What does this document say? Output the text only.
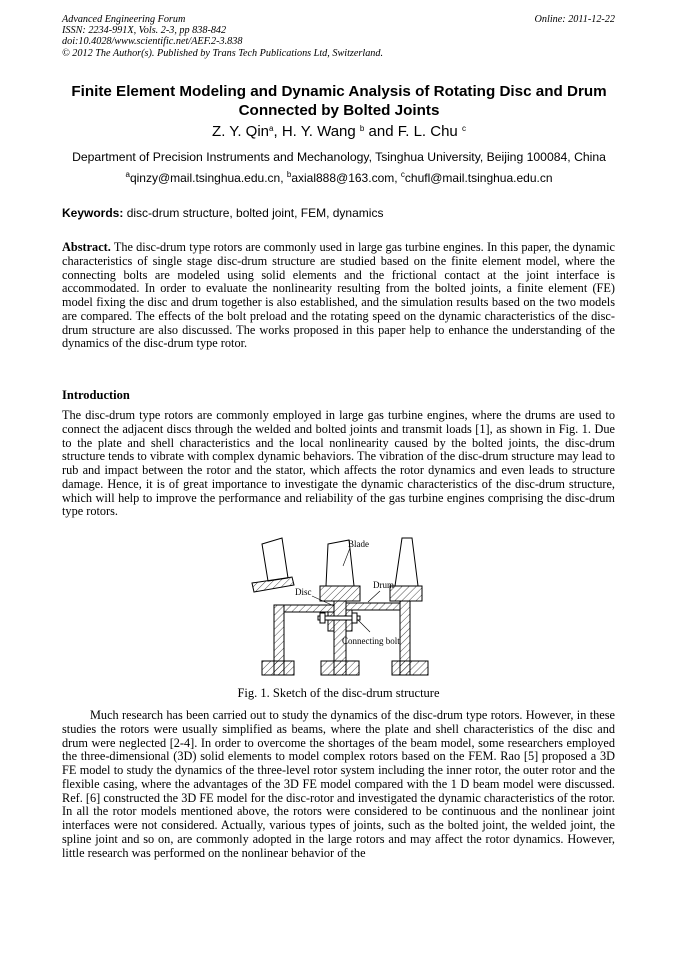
Advanced Engineering Forum
ISSN: 2234-991X, Vols. 2-3, pp 838-842
doi:10.4028/www.scientific.net/AEF.2-3.838
© 2012 The Author(s). Published by Trans Tech Publications Ltd, Switzerland.
Online: 2011-12-22
Finite Element Modeling and Dynamic Analysis of Rotating Disc and Drum Connected by Bolted Joints
Z. Y. Qin$^a$, H. Y. Wang $^b$ and F. L. Chu $^c$
Department of Precision Instruments and Mechanology, Tsinghua University, Beijing 100084, China
$^a$qinzy@mail.tsinghua.edu.cn, $^b$axial888@163.com, $^c$chufl@mail.tsinghua.edu.cn
Keywords: disc-drum structure, bolted joint, FEM, dynamics
Abstract. The disc-drum type rotors are commonly used in large gas turbine engines. In this paper, the dynamic characteristics of single stage disc-drum structure are studied based on the finite element model, where the connecting bolts are modeled using solid elements and the frictional contact at the joint interface is accommodated. In order to evaluate the nonlinearity resulting from the bolted joints, a finite element (FE) model fixing the disc and drum together is also established, and the simulation results based on the two models are compared. The effects of the bolt preload and the rotating speed on the dynamic characteristics of the disc-drum structure are also discussed. The works proposed in this paper help to enhance the understanding of the dynamics of the disc-drum type rotor.
Introduction
The disc-drum type rotors are commonly employed in large gas turbine engines, where the drums are used to connect the adjacent discs through the welded and bolted joints and transmit loads [1], as shown in Fig. 1. Due to the plate and shell characteristics and the local nonlinearity caused by the bolted joints, the disc-drum structure tends to vibrate with complex dynamic behaviors. The vibration of the disc-drum structure may lead to rub and impact between the rotor and the stator, which affects the rotor dynamics and even leads to structure damage. Hence, it is of great importance to investigate the dynamic characteristics of the disc-drum structure, which will help to improve the performance and reliability of the gas turbine engines comprising the disc-drum type rotors.
Blade
Disc
Drum
Connecting bolt
Fig. 1. Sketch of the disc-drum structure
Much research has been carried out to study the dynamics of the disc-drum type rotors. However, in these studies the rotors were usually simplified as beams, where the plate and shell characteristics of the disc and drum were neglected [2-4]. In order to overcome the shortages of the beam model, some researchers employed the three-dimensional (3D) solid elements to model complex rotors based on the FEM. Rao [5] proposed a 3D FE model to study the dynamics of the three-level rotor system including the inner rotor, the outer rotor and the flexible casing, where the advantages of the 3D FE model compared with the 1 D beam model were discussed. Ref. [6] constructed the 3D FE model for the disc-rotor and investigated the dynamic characteristics of the rotor. In all the rotor models mentioned above, the rotors were considered to be continuous and the nonlinear joint interfaces were not considered. Actually, various types of joints, such as the bolted joint, the welded joint, the spline joint and so on, are commonly adopted in the large rotors and may affect the rotor dynamics. However, little research was performed on the nonlinear behavior of the
